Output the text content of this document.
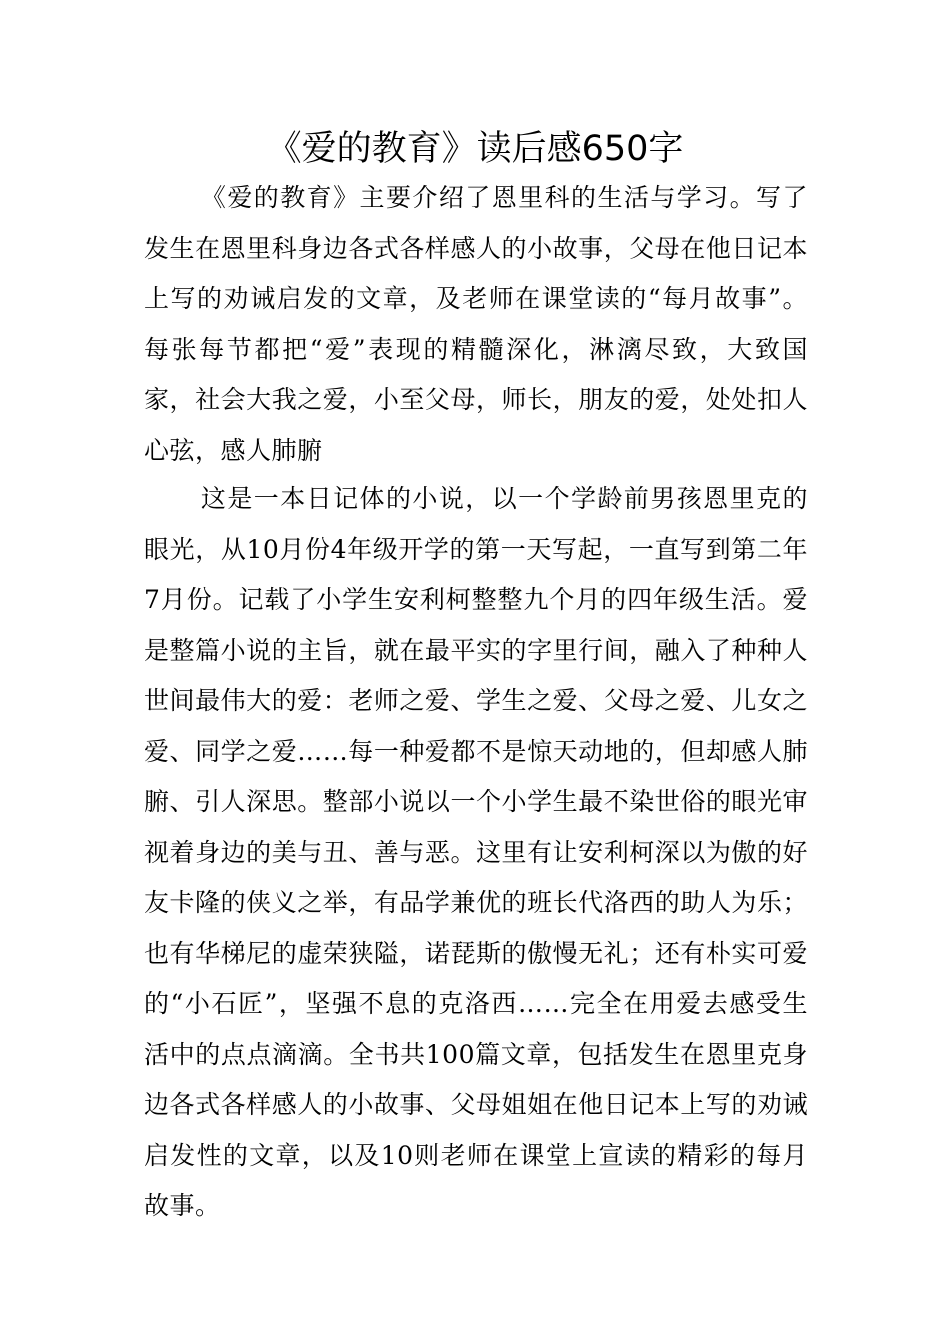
《爱的教育》读后感650字

《爱的教育》主要介绍了恩里科的生活与学习。写了发生在恩里科身边各式各样感人的小故事，父母在他日记本上写的劝诫启发的文章，及老师在课堂读的“每月故事”。每张每节都把“爱”表现的精髓深化，淋漓尽致，大致国家，社会大我之爱，小至父母，师长，朋友的爱，处处扣人心弦，感人肺腑

这是一本日记体的小说，以一个学龄前男孩恩里克的眼光，从10月份4年级开学的第一天写起，一直写到第二年7月份。记载了小学生安利柯整整九个月的四年级生活。爱是整篇小说的主旨，就在最平实的字里行间，融入了种种人世间最伟大的爱：老师之爱、学生之爱、父母之爱、儿女之爱、同学之爱……每一种爱都不是惊天动地的，但却感人肺腑、引人深思。整部小说以一个小学生最不染世俗的眼光审视着身边的美与丑、善与恶。这里有让安利柯深以为傲的好友卡隆的侠义之举，有品学兼优的班长代洛西的助人为乐；也有华梯尼的虚荣狭隘，诺琵斯的傲慢无礼；还有朴实可爱的“小石匠”，坚强不息的克洛西……完全在用爱去感受生活中的点点滴滴。全书共100篇文章，包括发生在恩里克身边各式各样感人的小故事、父母姐姐在他日记本上写的劝诫启发性的文章，以及10则老师在课堂上宣读的精彩的每月故事。
